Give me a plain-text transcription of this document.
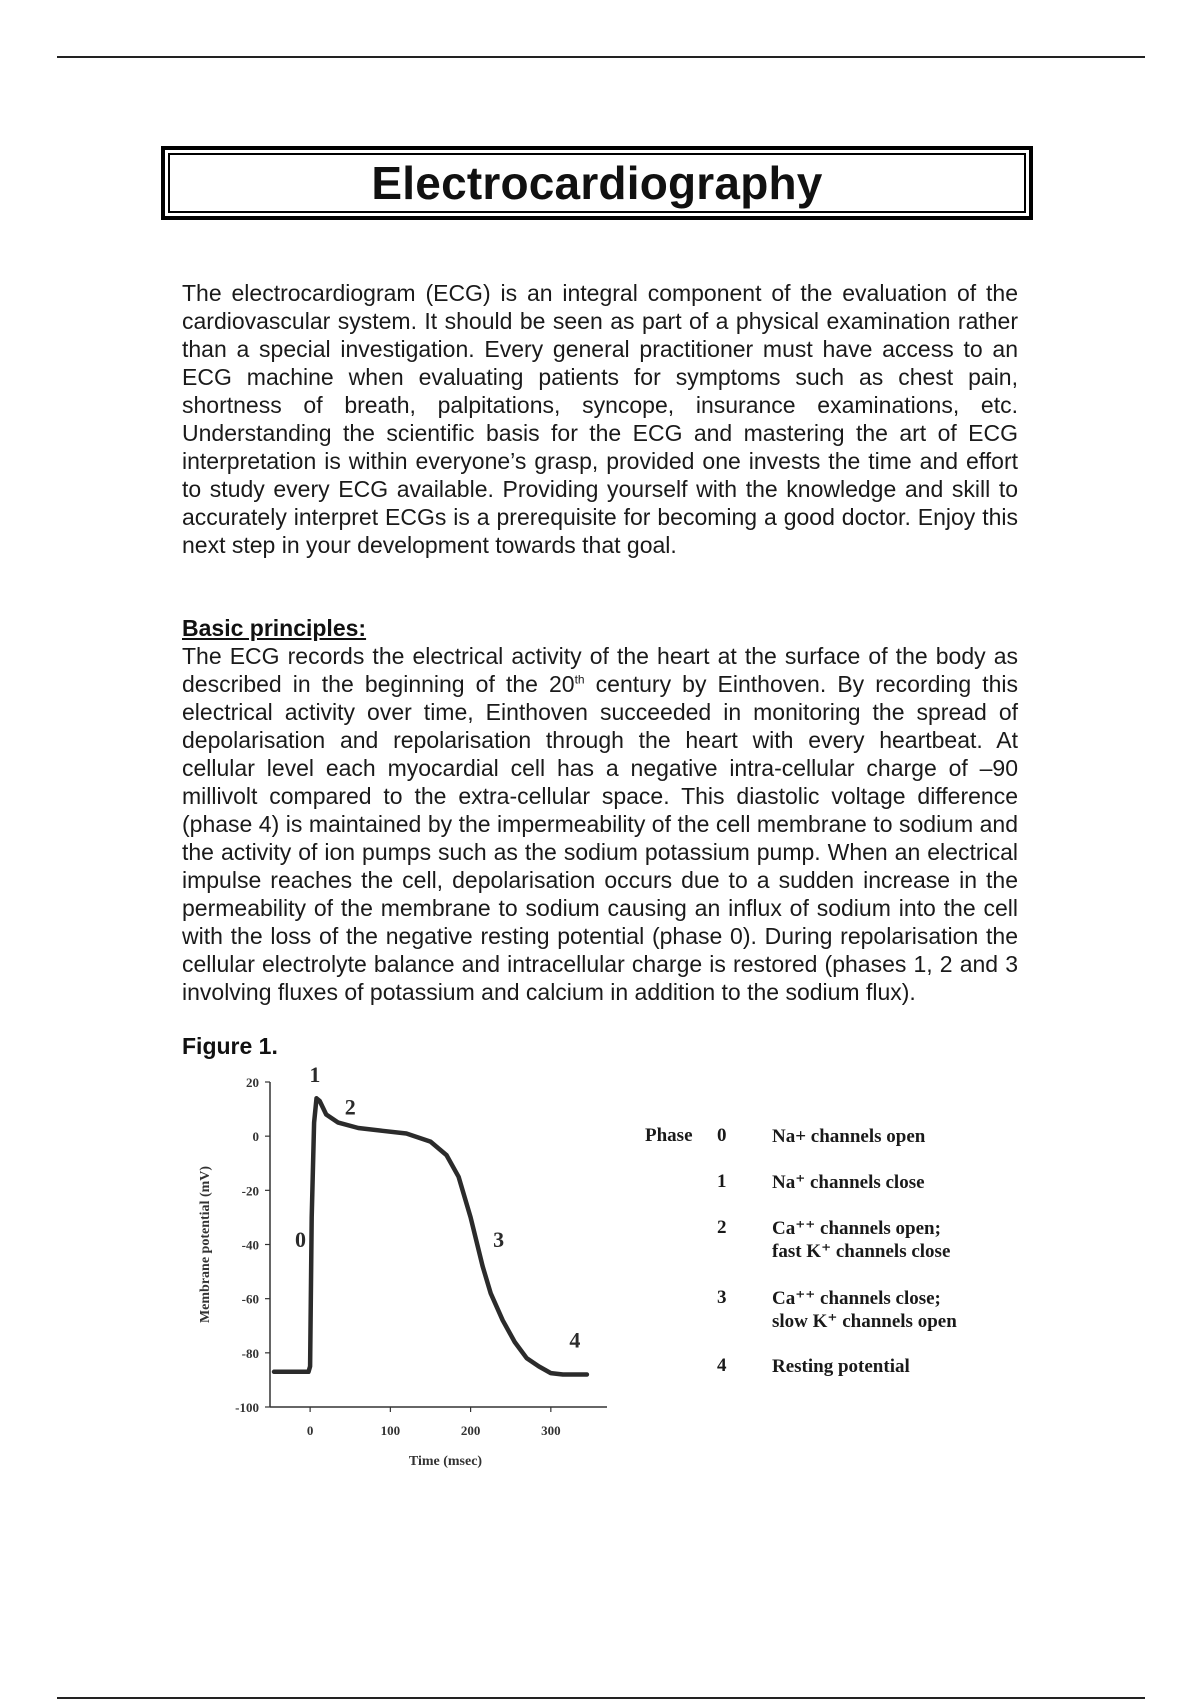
Electrocardiography

The electrocardiogram (ECG) is an integral component of the evaluation of the cardiovascular system. It should be seen as part of a physical examination rather than a special investigation. Every general practitioner must have access to an ECG machine when evaluating patients for symptoms such as chest pain, shortness of breath, palpitations, syncope, insurance examinations, etc. Understanding the scientific basis for the ECG and mastering the art of ECG interpretation is within everyone’s grasp, provided one invests the time and effort to study every ECG available. Providing yourself with the knowledge and skill to accurately interpret ECGs is a prerequisite for becoming a good doctor. Enjoy this next step in your development towards that goal.

Basic principles:

The ECG records the electrical activity of the heart at the surface of the body as described in the beginning of the 20th century by Einthoven. By recording this electrical activity over time, Einthoven succeeded in monitoring the spread of depolarisation and repolarisation through the heart with every heartbeat. At cellular level each myocardial cell has a negative intra-cellular charge of –90 millivolt compared to the extra-cellular space. This diastolic voltage difference (phase 4) is maintained by the impermeability of the cell membrane to sodium and the activity of ion pumps such as the sodium potassium pump. When an electrical impulse reaches the cell, depolarisation occurs due to a sudden increase in the permeability of the membrane to sodium causing an influx of sodium into the cell with the loss of the negative resting potential (phase 0). During repolarisation the cellular electrolyte balance and intracellular charge is restored (phases 1, 2 and 3 involving fluxes of potassium and calcium in addition to the sodium flux).

Figure 1.

20
0
-20
-40
-60
-80
-100
0	100	200	300
Time (msec)
Membrane potential (mV)	0
1
2
3
4
Phase 0 Na+ channels open
1 Na⁺ channels close
2 Ca⁺⁺ channels open;
fast K⁺ channels close
3 Ca⁺⁺ channels close;
slow K⁺ channels open
4 Resting potential
